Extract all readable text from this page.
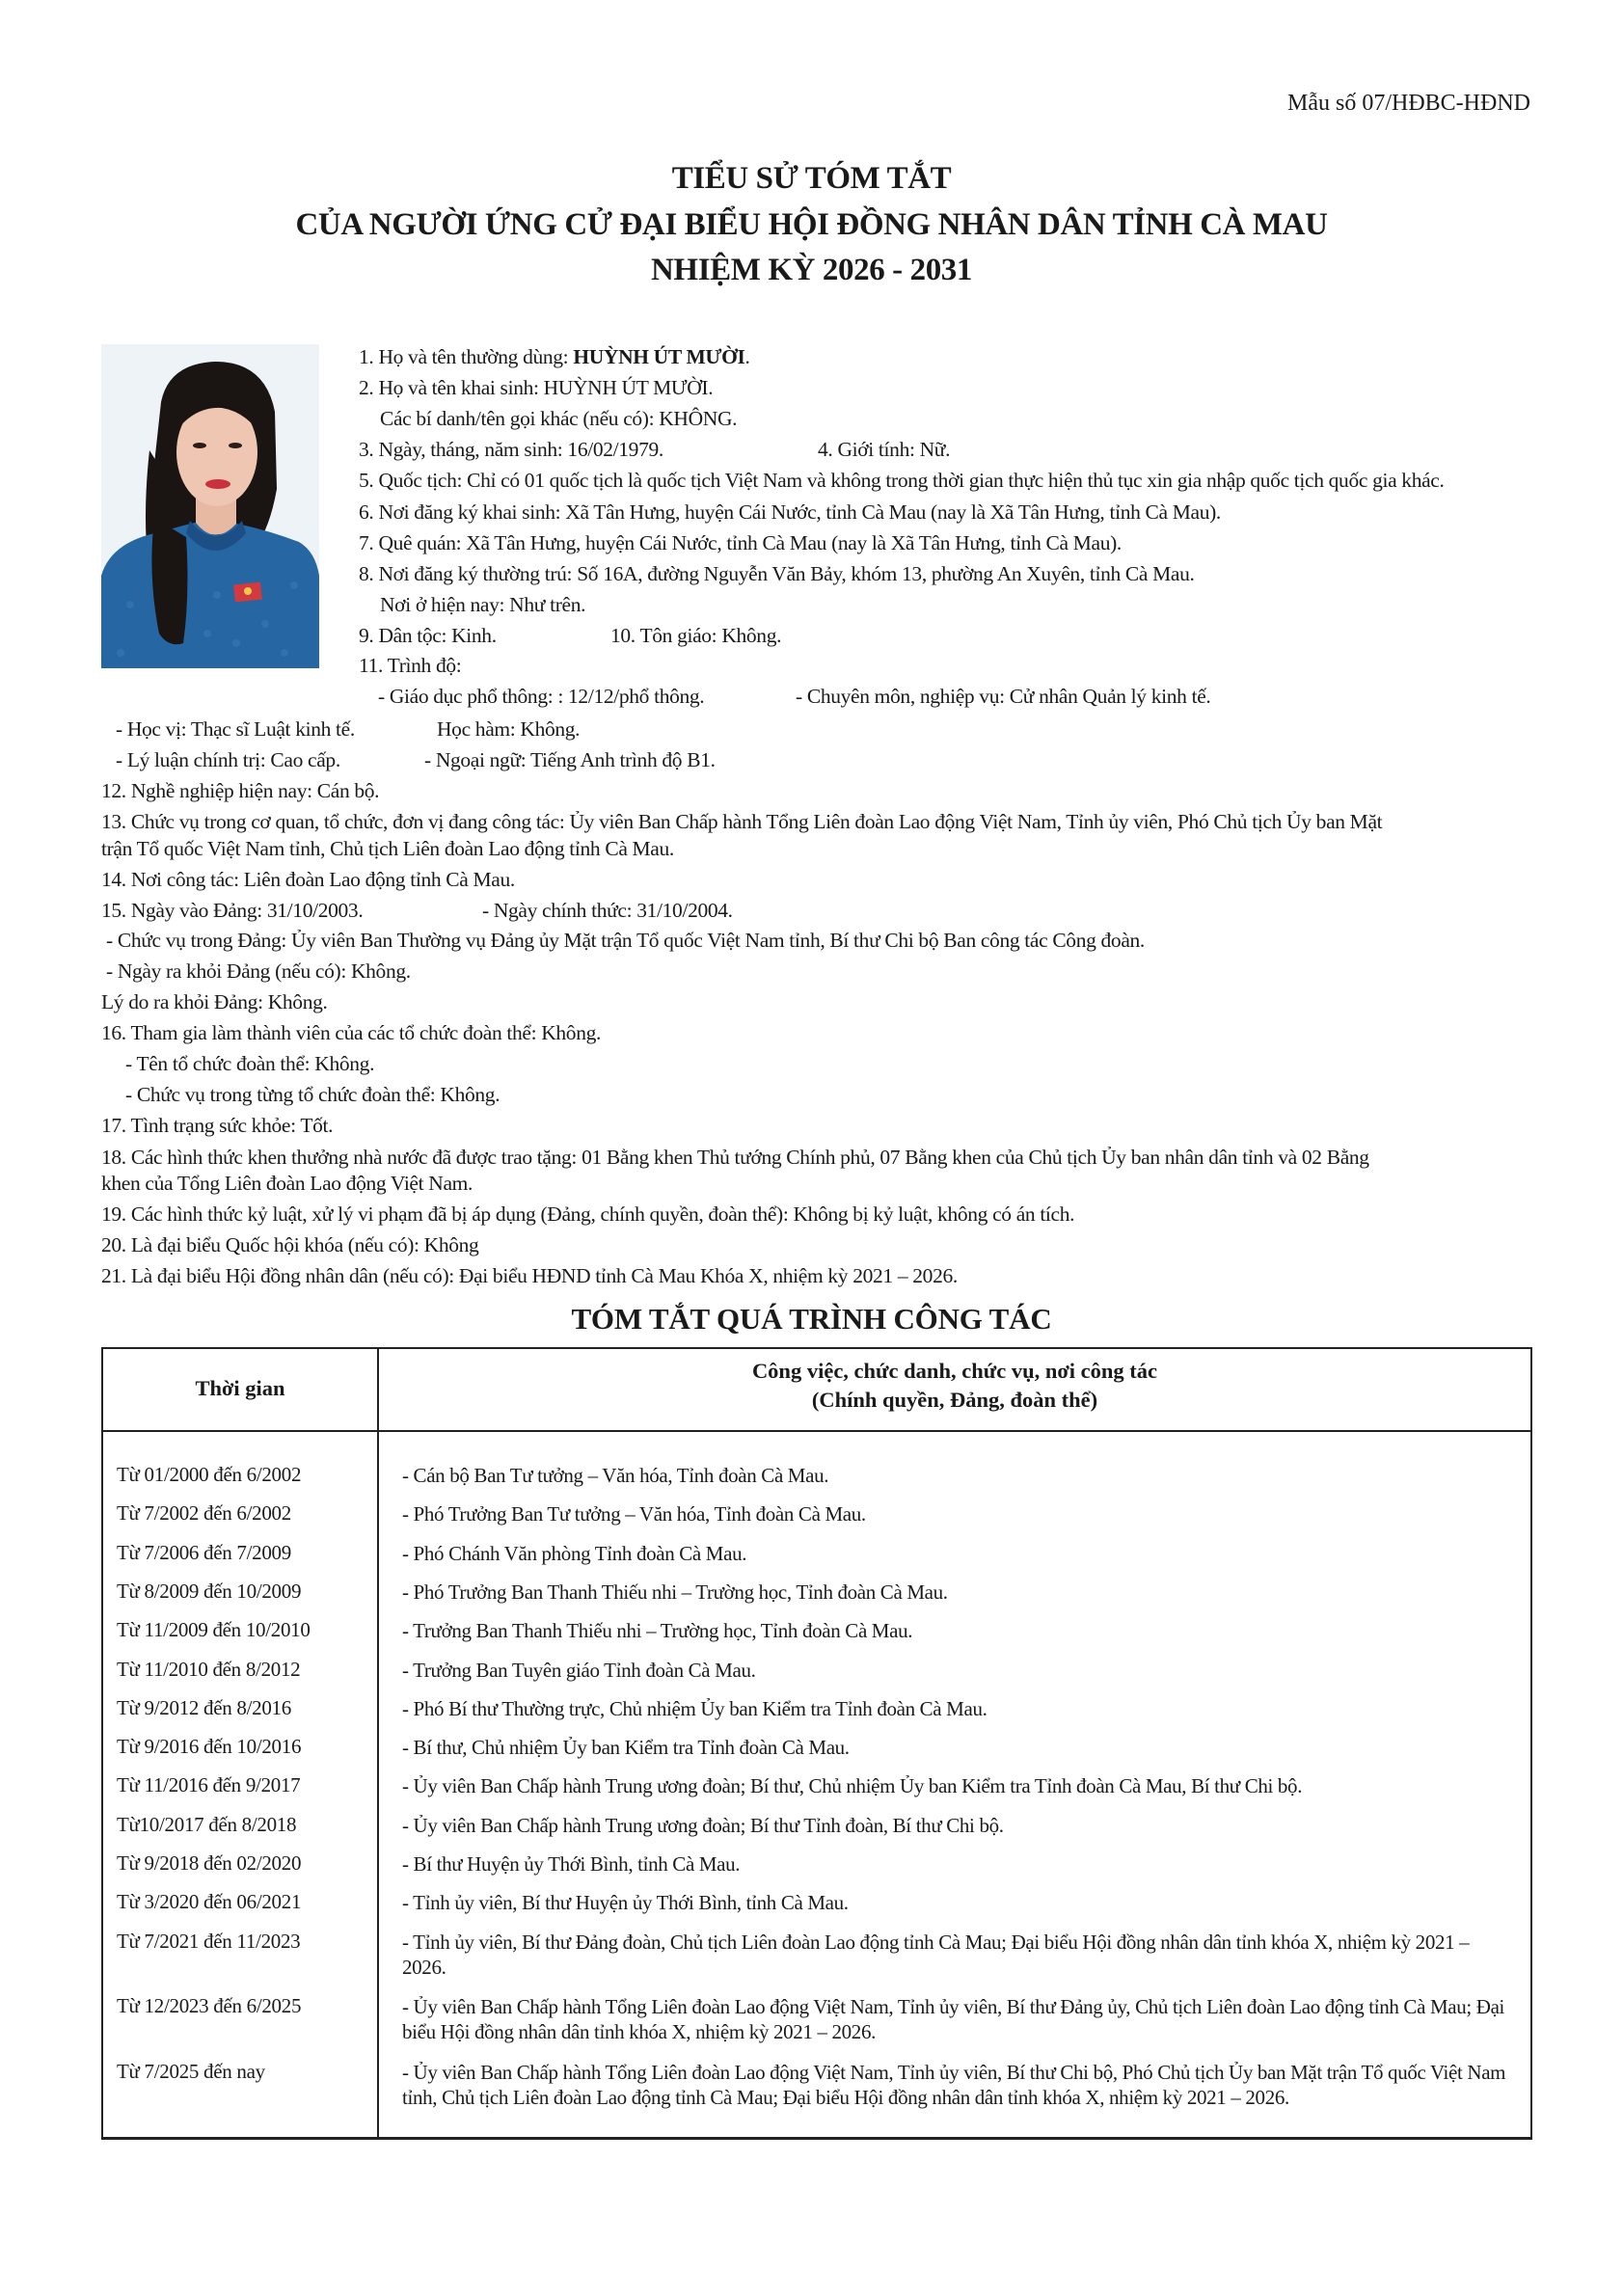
Mẫu số 07/HĐBC-HĐND
TIỂU SỬ TÓM TẮT
CỦA NGƯỜI ỨNG CỬ ĐẠI BIỂU HỘI ĐỒNG NHÂN DÂN TỈNH CÀ MAU
NHIỆM KỲ 2026 - 2031
1. Họ và tên thường dùng: HUỲNH ÚT MƯỜI.
2. Họ và tên khai sinh: HUỲNH ÚT MƯỜI.
Các bí danh/tên gọi khác (nếu có): KHÔNG.
3. Ngày, tháng, năm sinh: 16/02/1979.	4. Giới tính: Nữ.
5. Quốc tịch: Chỉ có 01 quốc tịch là quốc tịch Việt Nam và không trong thời gian thực hiện thủ tục xin gia nhập quốc tịch quốc gia khác.
6. Nơi đăng ký khai sinh: Xã Tân Hưng, huyện Cái Nước, tỉnh Cà Mau (nay là Xã Tân Hưng, tỉnh Cà Mau).
7. Quê quán: Xã Tân Hưng, huyện Cái Nước, tỉnh Cà Mau (nay là Xã Tân Hưng, tỉnh Cà Mau).
8. Nơi đăng ký thường trú: Số 16A, đường Nguyễn Văn Bảy, khóm 13, phường An Xuyên, tỉnh Cà Mau.
Nơi ở hiện nay: Như trên.
9. Dân tộc: Kinh.	10. Tôn giáo: Không.
11. Trình độ:
- Giáo dục phổ thông: : 12/12/phổ thông.	- Chuyên môn, nghiệp vụ: Cử nhân Quản lý kinh tế.
- Học vị: Thạc sĩ Luật kinh tế.	Học hàm: Không.
- Lý luận chính trị: Cao cấp.	- Ngoại ngữ: Tiếng Anh trình độ B1.
12. Nghề nghiệp hiện nay: Cán bộ.
13. Chức vụ trong cơ quan, tổ chức, đơn vị đang công tác: Ủy viên Ban Chấp hành Tổng Liên đoàn Lao động Việt Nam, Tỉnh ủy viên, Phó Chủ tịch Ủy ban Mặt
trận Tổ quốc Việt Nam tỉnh, Chủ tịch Liên đoàn Lao động tỉnh Cà Mau.
14. Nơi công tác: Liên đoàn Lao động tỉnh Cà Mau.
15. Ngày vào Đảng: 31/10/2003.	- Ngày chính thức: 31/10/2004.
- Chức vụ trong Đảng: Ủy viên Ban Thường vụ Đảng ủy Mặt trận Tổ quốc Việt Nam tỉnh, Bí thư Chi bộ Ban công tác Công đoàn.
- Ngày ra khỏi Đảng (nếu có): Không.
Lý do ra khỏi Đảng: Không.
16. Tham gia làm thành viên của các tổ chức đoàn thể: Không.
- Tên tổ chức đoàn thể: Không.
- Chức vụ trong từng tổ chức đoàn thể: Không.
17. Tình trạng sức khỏe: Tốt.
18. Các hình thức khen thưởng nhà nước đã được trao tặng: 01 Bằng khen Thủ tướng Chính phủ, 07 Bằng khen của Chủ tịch Ủy ban nhân dân tỉnh và 02 Bằng
khen của Tổng Liên đoàn Lao động Việt Nam.
19. Các hình thức kỷ luật, xử lý vi phạm đã bị áp dụng (Đảng, chính quyền, đoàn thể): Không bị kỷ luật, không có án tích.
20. Là đại biểu Quốc hội khóa (nếu có): Không
21. Là đại biểu Hội đồng nhân dân (nếu có): Đại biểu HĐND tỉnh Cà Mau Khóa X, nhiệm kỳ 2021 – 2026.
TÓM TẮT QUÁ TRÌNH CÔNG TÁC
Thời gian
Công việc, chức danh, chức vụ, nơi công tác
(Chính quyền, Đảng, đoàn thể)
Từ 01/2000 đến 6/2002	- Cán bộ Ban Tư tưởng – Văn hóa, Tỉnh đoàn Cà Mau.
Từ 7/2002 đến 6/2002	- Phó Trưởng Ban Tư tưởng – Văn hóa, Tỉnh đoàn Cà Mau.
Từ 7/2006 đến 7/2009	- Phó Chánh Văn phòng Tỉnh đoàn Cà Mau.
Từ 8/2009 đến 10/2009	- Phó Trưởng Ban Thanh Thiếu nhi – Trường học, Tỉnh đoàn Cà Mau.
Từ 11/2009 đến 10/2010	- Trưởng Ban Thanh Thiếu nhi – Trường học, Tỉnh đoàn Cà Mau.
Từ 11/2010 đến 8/2012	- Trưởng Ban Tuyên giáo Tỉnh đoàn Cà Mau.
Từ 9/2012 đến 8/2016	- Phó Bí thư Thường trực, Chủ nhiệm Ủy ban Kiểm tra Tỉnh đoàn Cà Mau.
Từ 9/2016 đến 10/2016	- Bí thư, Chủ nhiệm Ủy ban Kiểm tra Tỉnh đoàn Cà Mau.
Từ 11/2016 đến 9/2017	- Ủy viên Ban Chấp hành Trung ương đoàn; Bí thư, Chủ nhiệm Ủy ban Kiểm tra Tỉnh đoàn Cà Mau, Bí thư Chi bộ.
Từ10/2017 đến 8/2018	- Ủy viên Ban Chấp hành Trung ương đoàn; Bí thư Tỉnh đoàn, Bí thư Chi bộ.
Từ 9/2018 đến 02/2020	- Bí thư Huyện ủy Thới Bình, tỉnh Cà Mau.
Từ 3/2020 đến 06/2021	- Tỉnh ủy viên, Bí thư Huyện ủy Thới Bình, tỉnh Cà Mau.
Từ 7/2021 đến 11/2023	- Tỉnh ủy viên, Bí thư Đảng đoàn, Chủ tịch Liên đoàn Lao động tỉnh Cà Mau; Đại biểu Hội đồng nhân dân tỉnh khóa X, nhiệm kỳ 2021 – 2026.
Từ 12/2023 đến 6/2025	- Ủy viên Ban Chấp hành Tổng Liên đoàn Lao động Việt Nam, Tỉnh ủy viên, Bí thư Đảng ủy, Chủ tịch Liên đoàn Lao động tỉnh Cà Mau; Đại biểu Hội đồng nhân dân tỉnh khóa X, nhiệm kỳ 2021 – 2026.
Từ 7/2025 đến nay	- Ủy viên Ban Chấp hành Tổng Liên đoàn Lao động Việt Nam, Tỉnh ủy viên, Bí thư Chi bộ, Phó Chủ tịch Ủy ban Mặt trận Tổ quốc Việt Nam tỉnh, Chủ tịch Liên đoàn Lao động tỉnh Cà Mau; Đại biểu Hội đồng nhân dân tỉnh khóa X, nhiệm kỳ 2021 – 2026.
